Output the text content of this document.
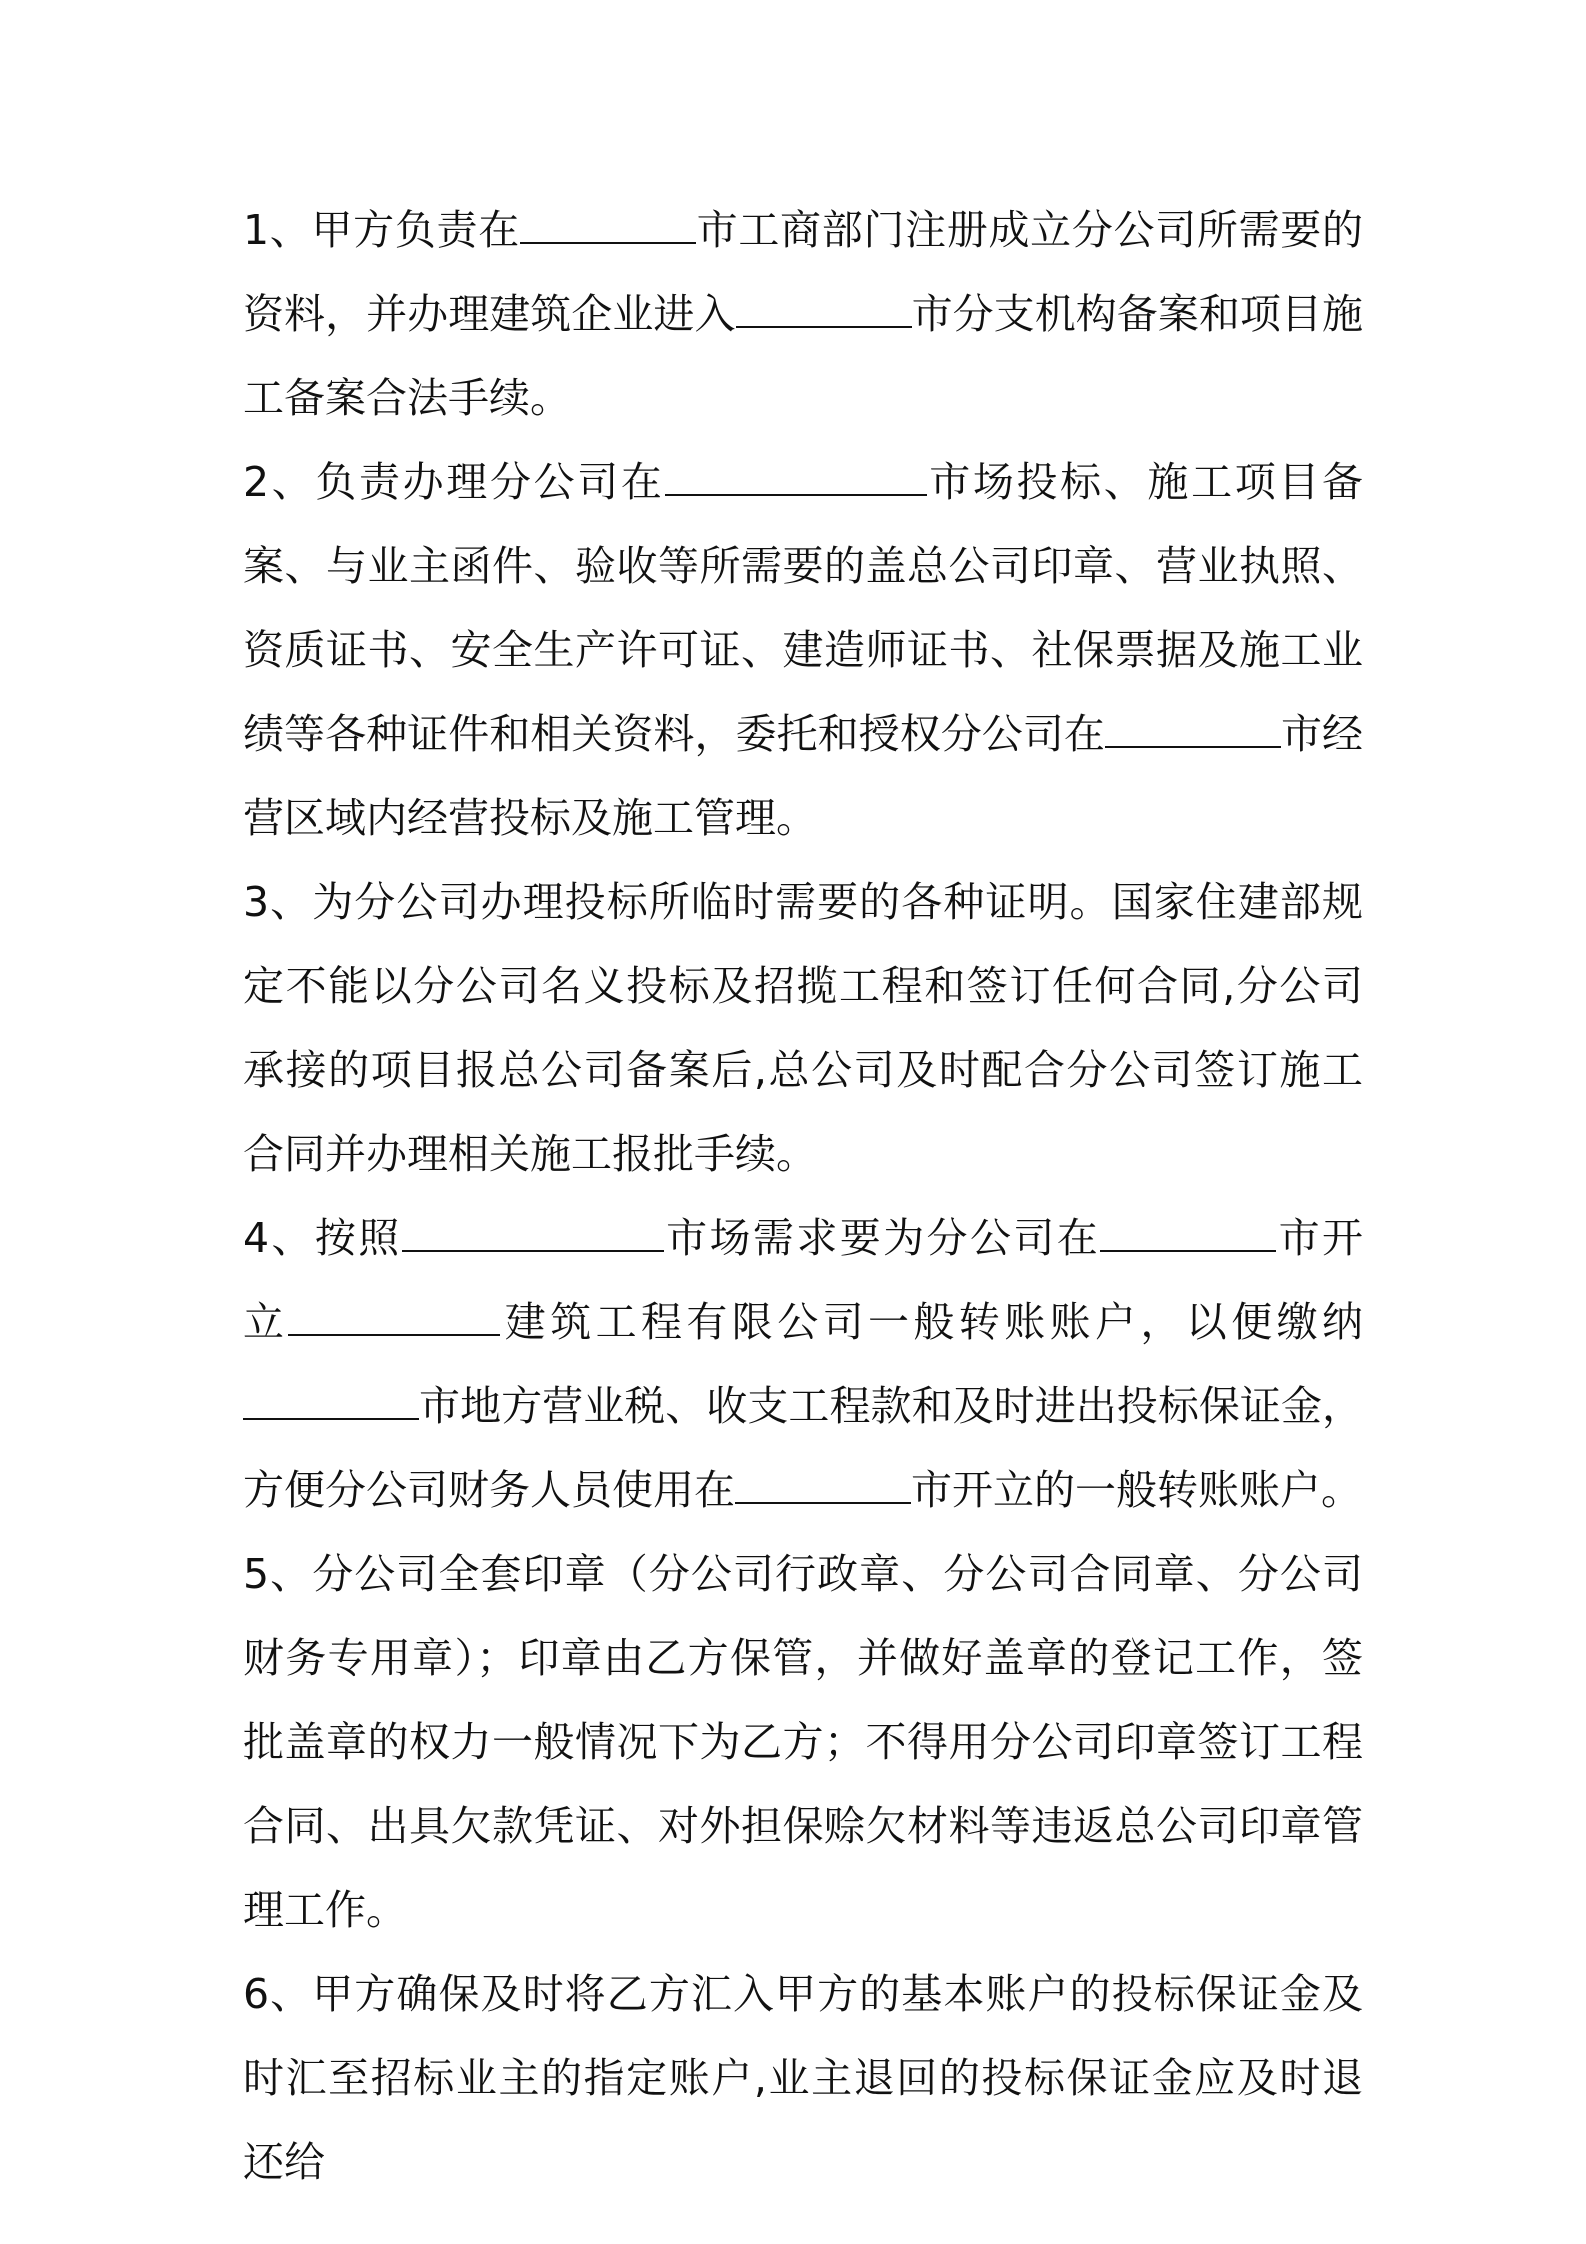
1、甲方负责在	市工商部门注册成立分公司所需要的资料，并办理建筑企业进入	市分支机构备案和项目施工备案合法手续。

2、负责办理分公司在	市场投标、施工项目备案、与业主函件、验收等所需要的盖总公司印章、营业执照、资质证书、安全生产许可证、建造师证书、社保票据及施工业绩等各种证件和相关资料，委托和授权分公司在	市经营区域内经营投标及施工管理。

3、为分公司办理投标所临时需要的各种证明。国家住建部规定不能以分公司名义投标及招揽工程和签订任何合同,分公司承接的项目报总公司备案后,总公司及时配合分公司签订施工合同并办理相关施工报批手续。

4、按照	市场需求要为分公司在	市开立	建筑工程有限公司一般转账账户，以便缴纳市地方营业税、收支工程款和及时进出投标保证金，方便分公司财务人员使用在	市开立的一般转账账户。

5、分公司全套印章（分公司行政章、分公司合同章、分公司财务专用章）；印章由乙方保管，并做好盖章的登记工作，签批盖章的权力一般情况下为乙方；不得用分公司印章签订工程合同、出具欠款凭证、对外担保赊欠材料等违返总公司印章管理工作。

6、甲方确保及时将乙方汇入甲方的基本账户的投标保证金及时汇至招标业主的指定账户,业主退回的投标保证金应及时退还给
